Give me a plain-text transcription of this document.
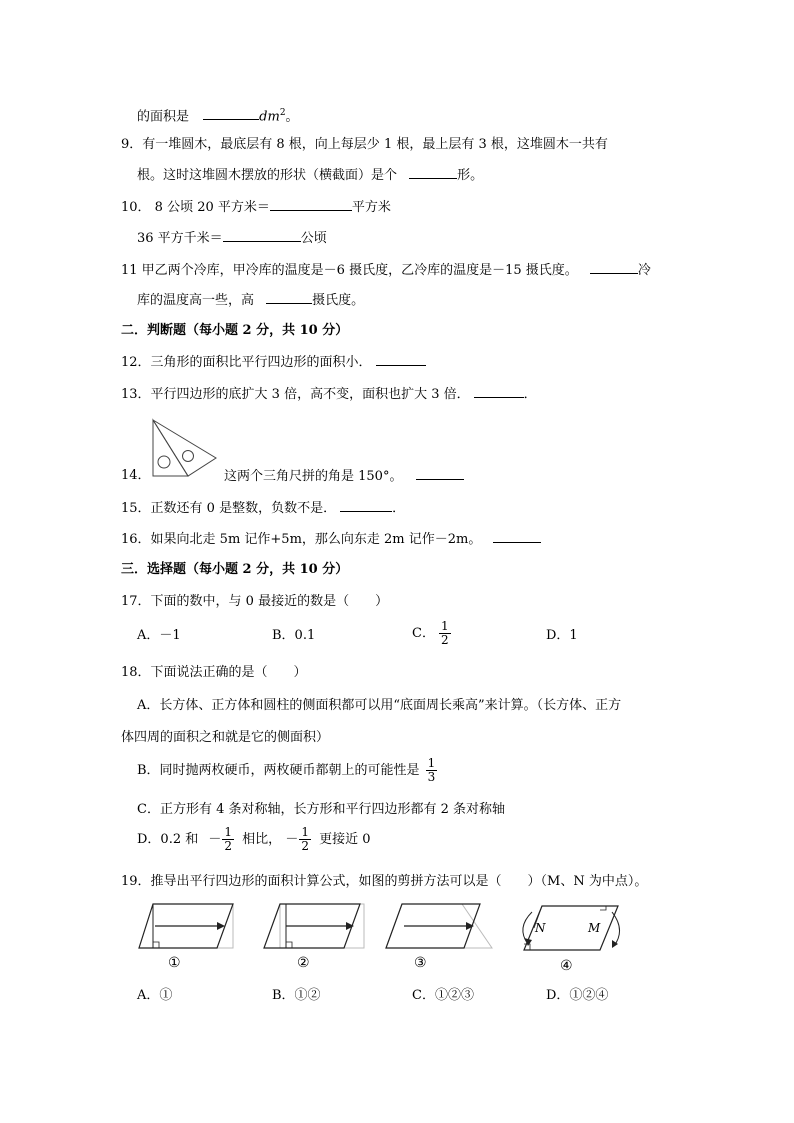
的面积是	$dm^2$。
9．有一堆圆木，最底层有 8 根，向上每层少 1 根，最上层有 3 根，这堆圆木一共有
根。这时这堆圆木摆放的形状（横截面）是个	形。
10． 8 公顷 20 平方米＝	平方米
36 平方千米＝	公顷
11 甲乙两个冷库，甲冷库的温度是－6 摄氏度，乙冷库的温度是－15 摄氏度。	冷
库的温度高一些，高	摄氏度。
二．判断题（每小题 2 分，共 10 分）
12．三角形的面积比平行四边形的面积小．
13．平行四边形的底扩大 3 倍，高不变，面积也扩大 3 倍．	．
14．	这两个三角尺拼的角是 150°。
15．正数还有 0 是整数，负数不是．	．
16．如果向北走 5m 记作+5m，那么向东走 2m 记作－2m。
三．选择题（每小题 2 分，共 10 分）
17．下面的数中，与 0 最接近的数是（　　）
A．－1	B．0.1	C． $\frac{1}{2}$	D．1
18．下面说法正确的是（　　）
A．长方体、正方体和圆柱的侧面积都可以用“底面周长乘高”来计算。（长方体、正方
体四周的面积之和就是它的侧面积）
B．同时抛两枚硬币，两枚硬币都朝上的可能性是 $\frac{1}{3}$
C．正方形有 4 条对称轴，长方形和平行四边形都有 2 条对称轴
D．0.2 和 － $\frac{1}{2}$ 相比， － $\frac{1}{2}$ 更接近 0
19．推导出平行四边形的面积计算公式，如图的剪拼方法可以是（　　）（M、N 为中点）。
①	②	③
N	M
④
A．①	B．①②	C．①②③	D．①②④
